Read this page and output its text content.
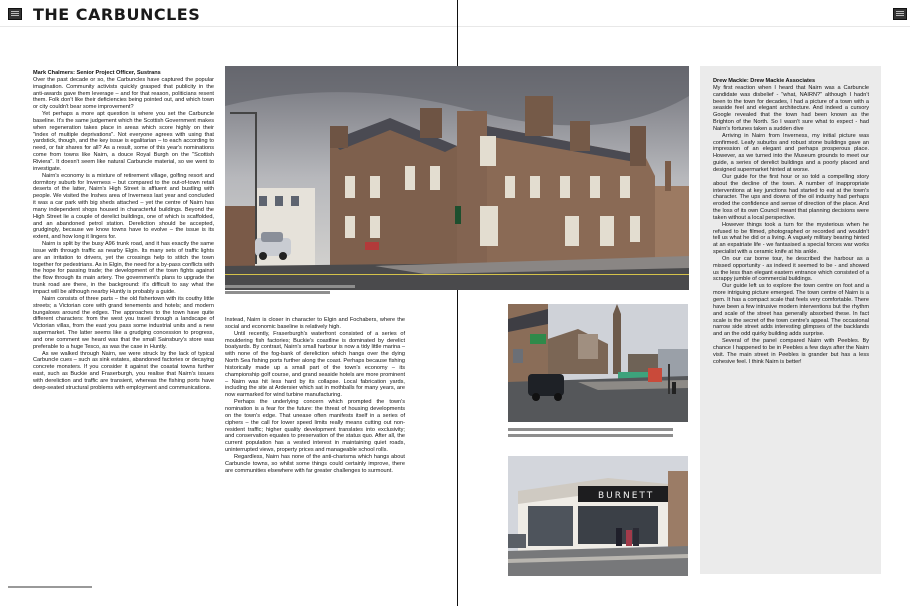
THE CARBUNCLES
Mark Chalmers: Senior Project Officer, Sustrans

Over the past decade or so, the Carbuncles have captured the popular imagination. Community activists quickly grasped that publicity in the anti-awards gave them leverage – and for that reason, politicians resent them. Folk don't like their deficiencies being pointed out, and which town or city couldn't bear some improvement?

Yet perhaps a more apt question is where you set the Carbuncle baseline. It's the same judgement which the Scottish Government makes when regeneration takes place in areas which score highly on their "index of multiple deprivations". Not everyone agrees with using that yardstick, though, and the key issue is egalitarian – to each according to need, or fair shares for all? As a result, some of this year's nominations come from towns like Nairn, a douce Royal Burgh on the "Scottish Riviera". It doesn't seem like natural Carbuncle material, so we went to investigate.

Nairn's economy is a mixture of retirement village, golfing resort and dormitory suburb for Inverness – but compared to the out-of-town retail deserts of the latter, Nairn's High Street is affluent and bustling with people. We visited the Inshes area of Inverness last year and concluded it was a car park with big sheds attached – yet the centre of Nairn has many independent shops housed in characterful buildings. Beyond the High Street lie a couple of derelict buildings, one of which is scaffolded, and an abandoned petrol station. Dereliction should be accepted, grudgingly, because we know towns have to evolve – the issue is its extent, and how long it lingers for.

Nairn is split by the busy A96 trunk road, and it has exactly the same issue with through traffic as nearby Elgin. Its many sets of traffic lights are an irritation to drivers, yet the crossings help to stitch the town together for pedestrians. As in Elgin, the need for a by-pass conflicts with the hope for passing trade; the development of the town fights against the flow through its main artery. The government's plans to upgrade the trunk road are there, in the background: it's difficult to say what the impact will be although nearby Huntly is probably a guide.

Nairn consists of three parts – the old fishertown with its couthy little streets; a Victorian core with grand tenements and hotels; and modern bungalows around the edges. The approaches to the town have quite different characters: from the west you travel through a landscape of Victorian villas, from the east you pass some industrial units and a new supermarket. The latter seems like a grudging concession to progress, and one comment we heard was that the small Sainsbury's store was preferable to a huge Tesco, as was the case in Huntly.

As we walked through Nairn, we were struck by the lack of typical Carbuncle cues – such as sink estates, abandoned factories or decaying concrete monsters. If you consider it against the coastal towns further east, such as Buckie and Fraserburgh, you realise that Nairn's issues with dereliction and traffic are transient, whereas the fishing ports have deep-seated structural problems with employment and communications.

Instead, Nairn is closer in character to Elgin and Fochabers, where the social and economic baseline is relatively high.

Until recently, Fraserburgh's waterfront consisted of a series of mouldering fish factories; Buckie's coastline is dominated by derelict boatyards. By contrast, Nairn's small harbour is now a tidy little marina – with none of the fog-bank of dereliction which hangs over the dying North Sea fishing ports further along the coast. Perhaps because fishing historically made up a small part of the town's economy – its championship golf course, and grand seaside hotels are more prominent – Nairn was hit less hard by its collapse. Local fabrication yards, including the site at Ardersier which sat in mothballs for many years, are now earmarked for wind turbine manufacturing.

Perhaps the underlying concern which prompted the town's nomination is a fear for the future: the threat of housing developments on the town's edge. That unease often manifests itself in a series of ciphers – the call for lower speed limits really means cutting out non-resident traffic; higher quality development translates into exclusivity; and conservation equates to preservation of the status quo. After all, the current population has a vested interest in maintaining quiet roads, uninterrupted views, property prices and manageable school rolls.

Regardless, Nairn has none of the anti-charisma which hangs about Carbuncle towns, so whilst some things could certainly improve, there are communities elsewhere with far greater challenges to surmount.

BURNETT
Drew Mackie: Drew Mackie Associates

My first reaction when I heard that Nairn was a Carbuncle candidate was disbelief - "what, NAIRN?" although I hadn't been to the town for decades, I had a picture of a town with a seaside feel and elegant architecture. And indeed a cursory Google revealed that the town had been known as the Brighton of the North. So I wasn't sure what to expect - had Nairn's fortunes taken a sudden dive

Arriving in Nairn from Inverness, my initial picture was confirmed. Leafy suburbs and robust stone buildings gave an impression of an elegant and perhaps prosperous place. However, as we turned into the Museum grounds to meet our guide, a series of derelict buildings and a poorly placed and designed supermarket hinted at worse.

Our guide for the first hour or so told a compelling story about the decline of the town. A number of inappropriate interventions at key junctions had started to eat at the town's character. The ups and downs of the oil industry had perhaps eroded the confidence and sense of direction of the place. And the loss of its own Council meant that planning decisions were taken without a local perspective.

However things took a turn for the mysterious when he refused to be filmed, photographed or recorded and wouldn't tell us what he did or a living. A vaguely military bearing hinted at an expatriate life - we fantasised a special forces war works specialist with a ceramic knife at his ankle.

On our car borne tour, he described the harbour as a missed opportunity - as indeed it seemed to be - and showed us the less than elegant eastern entrance which consisted of a scrappy jumble of commercial buildings.

Our guide left us to explore the town centre on foot and a more intriguing picture emerged. The town centre of Nairn is a gem. It has a compact scale that feels very comfortable. There have been a few intrusive modern interventions but the rhythm and scale of the street has generally absorbed these. In fact scale is the secret of the town centre's appeal. The occasional narrow side street adds interesting glimpses of the backlands and an the odd quirky building adds surprise.

Several of the panel compared Nairn with Peebles. By chance I happened to be in Peebles a few days after the Nairn visit. The main street in Peebles is grander but has a less cohesive feel. I think Nairn is better!
